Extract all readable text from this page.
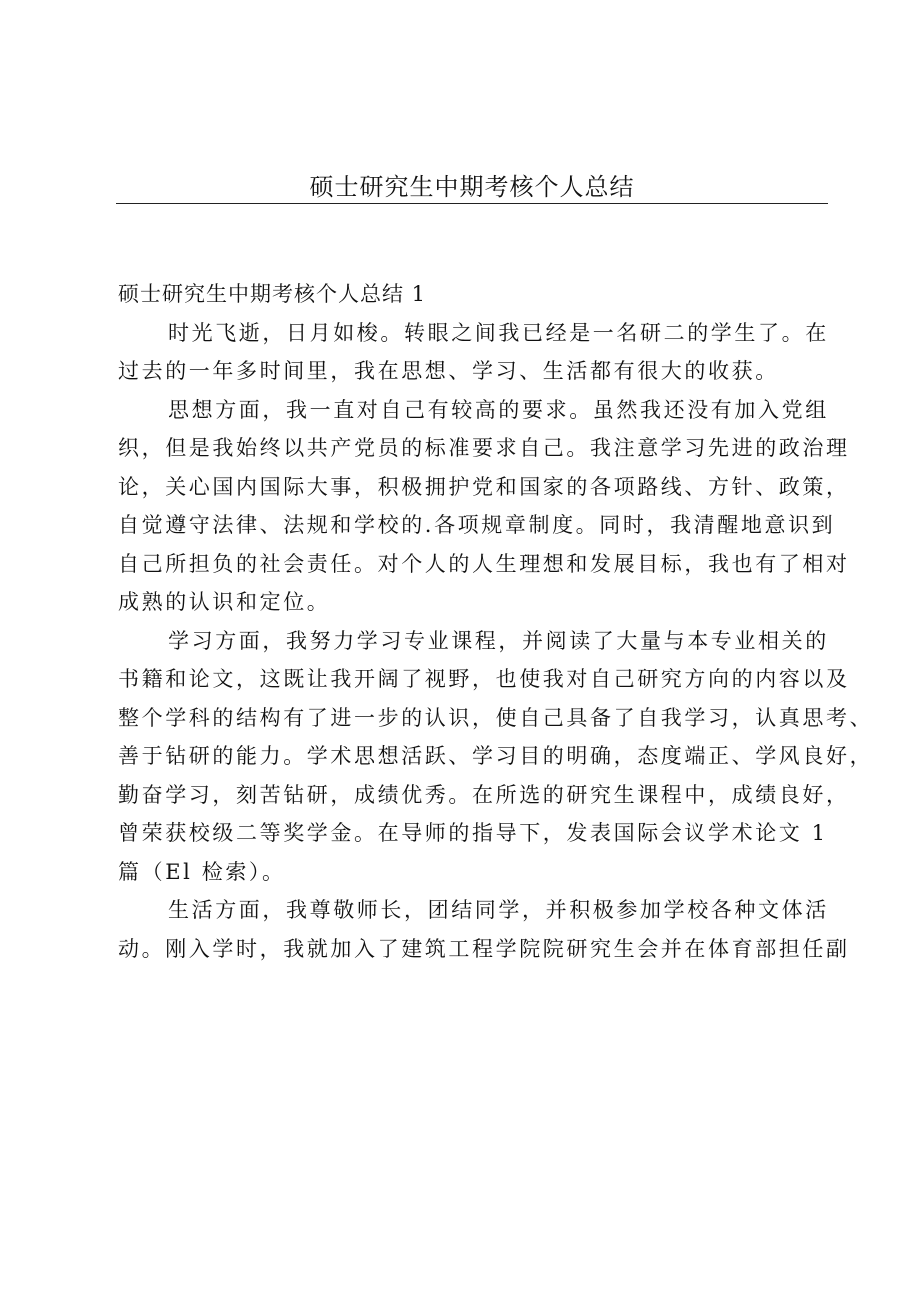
硕士研究生中期考核个人总结

硕士研究生中期考核个人总结 1

时光飞逝，日月如梭。转眼之间我已经是一名研二的学生了。在
过去的一年多时间里，我在思想、学习、生活都有很大的收获。

思想方面，我一直对自己有较高的要求。虽然我还没有加入党组
织，但是我始终以共产党员的标准要求自己。我注意学习先进的政治理
论，关心国内国际大事，积极拥护党和国家的各项路线、方针、政策，
自觉遵守法律、法规和学校的.各项规章制度。同时，我清醒地意识到
自己所担负的社会责任。对个人的人生理想和发展目标，我也有了相对
成熟的认识和定位。

学习方面，我努力学习专业课程，并阅读了大量与本专业相关的
书籍和论文，这既让我开阔了视野，也使我对自己研究方向的内容以及
整个学科的结构有了进一步的认识，使自己具备了自我学习，认真思考、
善于钻研的能力。学术思想活跃、学习目的明确，态度端正、学风良好，
勤奋学习，刻苦钻研，成绩优秀。在所选的研究生课程中，成绩良好，
曾荣获校级二等奖学金。在导师的指导下，发表国际会议学术论文 1
篇（El 检索）。

生活方面，我尊敬师长，团结同学，并积极参加学校各种文体活
动。刚入学时，我就加入了建筑工程学院院研究生会并在体育部担任副
